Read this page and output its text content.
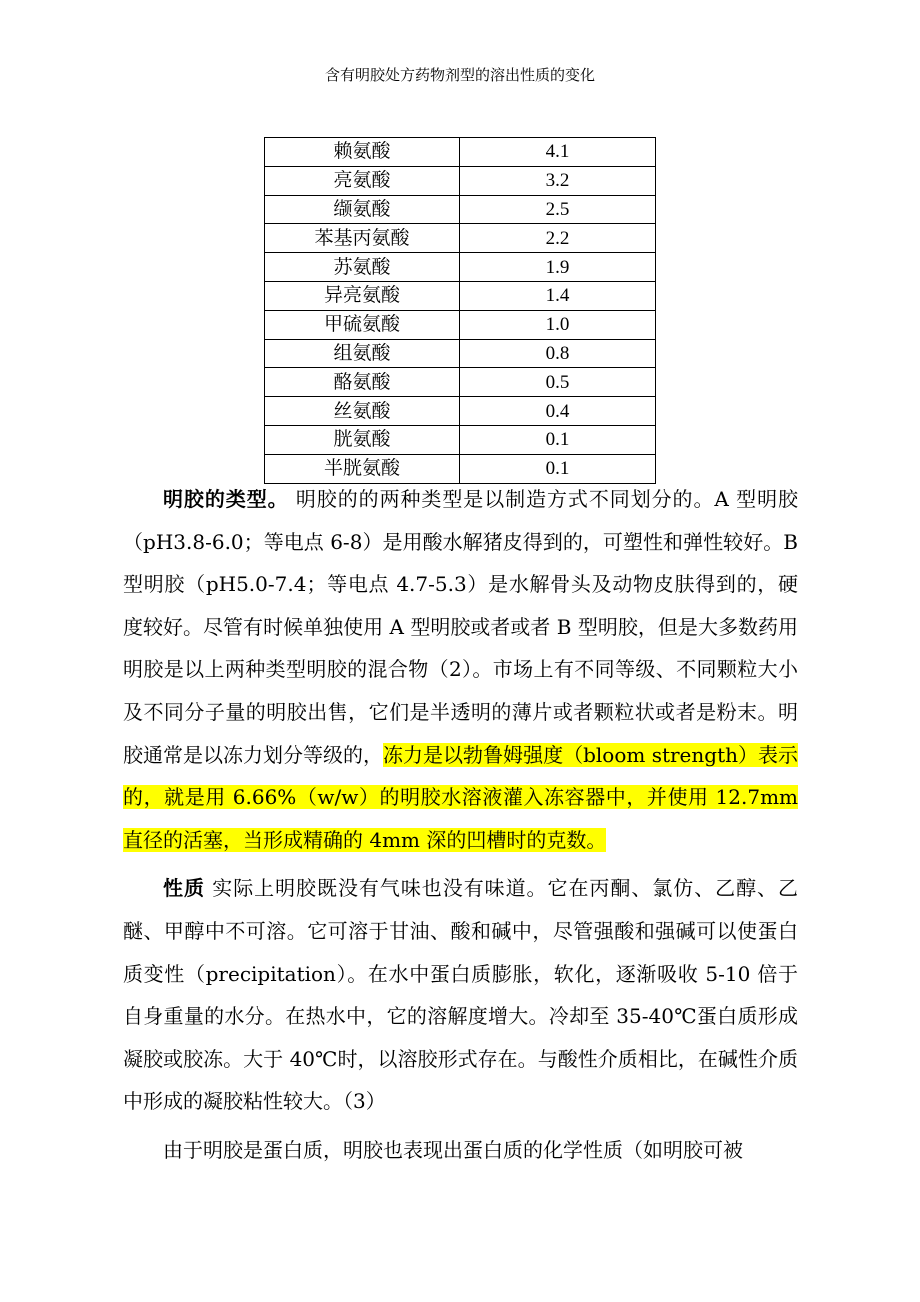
含有明胶处方药物剂型的溶出性质的变化
赖氨酸	4.1
亮氨酸	3.2
缬氨酸	2.5
苯基丙氨酸	2.2
苏氨酸	1.9
异亮氨酸	1.4
甲硫氨酸	1.0
组氨酸	0.8
酪氨酸	0.5
丝氨酸	0.4
胱氨酸	0.1
半胱氨酸	0.1

明胶的类型。 明胶的的两种类型是以制造方式不同划分的。A 型明胶（pH3.8-6.0；等电点 6-8）是用酸水解猪皮得到的，可塑性和弹性较好。B 型明胶（pH5.0-7.4；等电点 4.7-5.3）是水解骨头及动物皮肤得到的，硬度较好。尽管有时候单独使用 A 型明胶或者或者 B 型明胶，但是大多数药用明胶是以上两种类型明胶的混合物（2）。市场上有不同等级、不同颗粒大小及不同分子量的明胶出售，它们是半透明的薄片或者颗粒状或者是粉末。明胶通常是以冻力划分等级的，冻力是以勃鲁姆强度（bloom strength）表示的，就是用 6.66%（w/w）的明胶水溶液灌入冻容器中，并使用 12.7mm 直径的活塞，当形成精确的 4mm 深的凹槽时的克数。

性质 实际上明胶既没有气味也没有味道。它在丙酮、氯仿、乙醇、乙醚、甲醇中不可溶。它可溶于甘油、酸和碱中，尽管强酸和强碱可以使蛋白质变性（precipitation）。在水中蛋白质膨胀，软化，逐渐吸收 5-10 倍于自身重量的水分。在热水中，它的溶解度增大。冷却至 35-40℃蛋白质形成凝胶或胶冻。大于 40℃时，以溶胶形式存在。与酸性介质相比，在碱性介质中形成的凝胶粘性较大。（3）

由于明胶是蛋白质，明胶也表现出蛋白质的化学性质（如明胶可被
